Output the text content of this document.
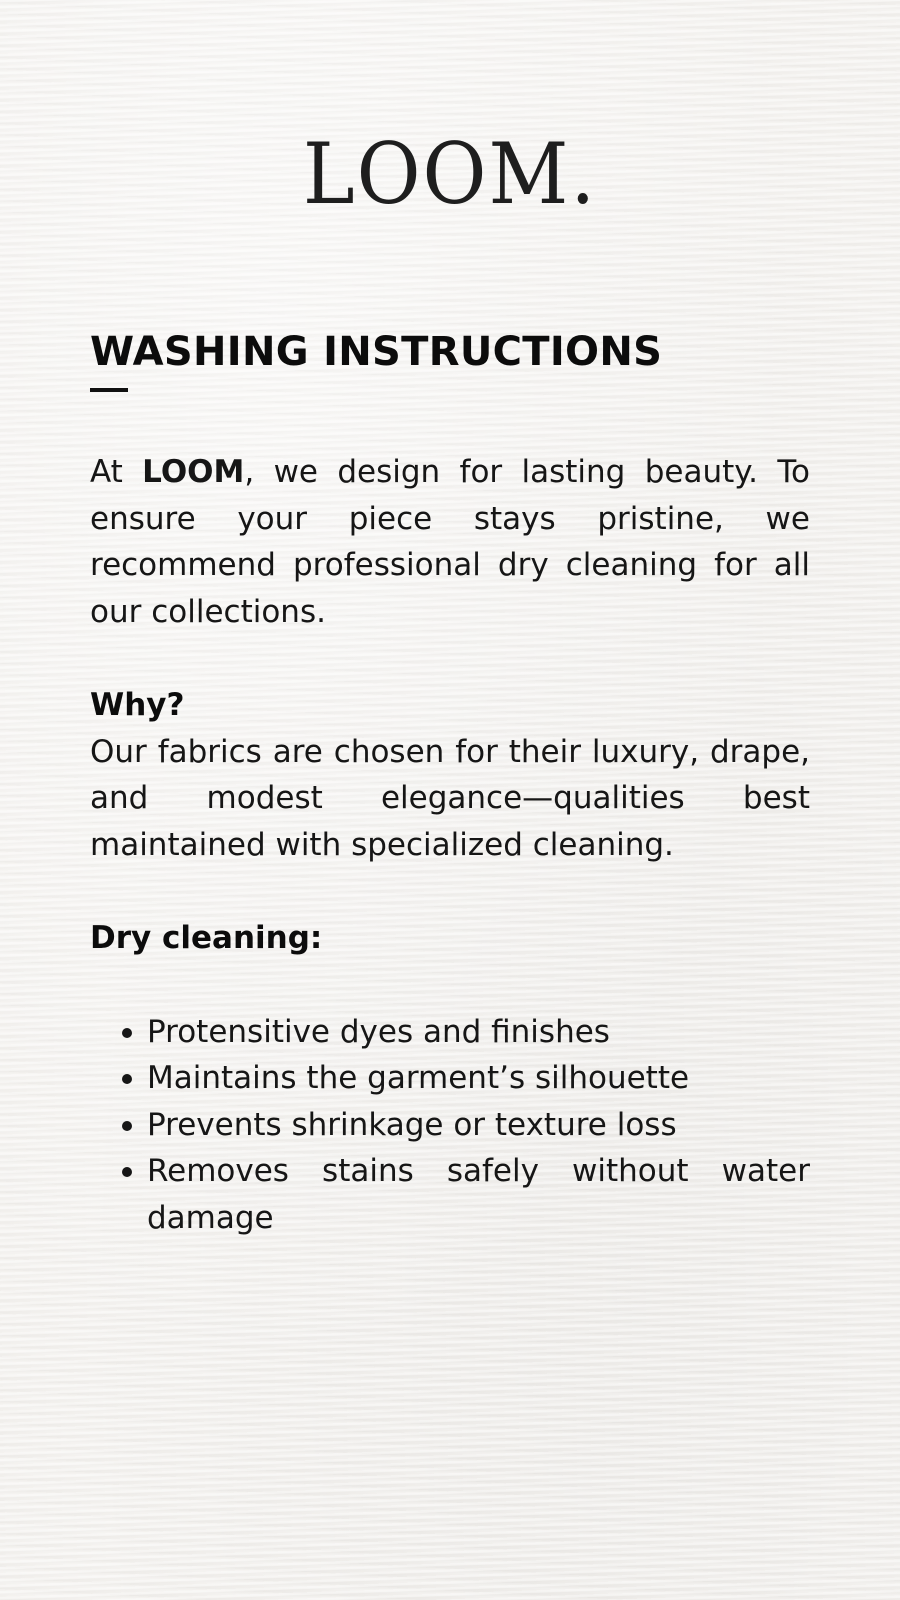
LOOM.
WASHING INSTRUCTIONS

At LOOM, we design for lasting beauty. To ensure your piece stays pristine, we recommend professional dry cleaning for all our collections.

Why?

Our fabrics are chosen for their luxury, drape, and modest elegance—qualities best maintained with specialized cleaning.

Dry cleaning:

Protensitive dyes and finishes
Maintains the garment’s silhouette
Prevents shrinkage or texture loss
Removes stains safely without water damage
